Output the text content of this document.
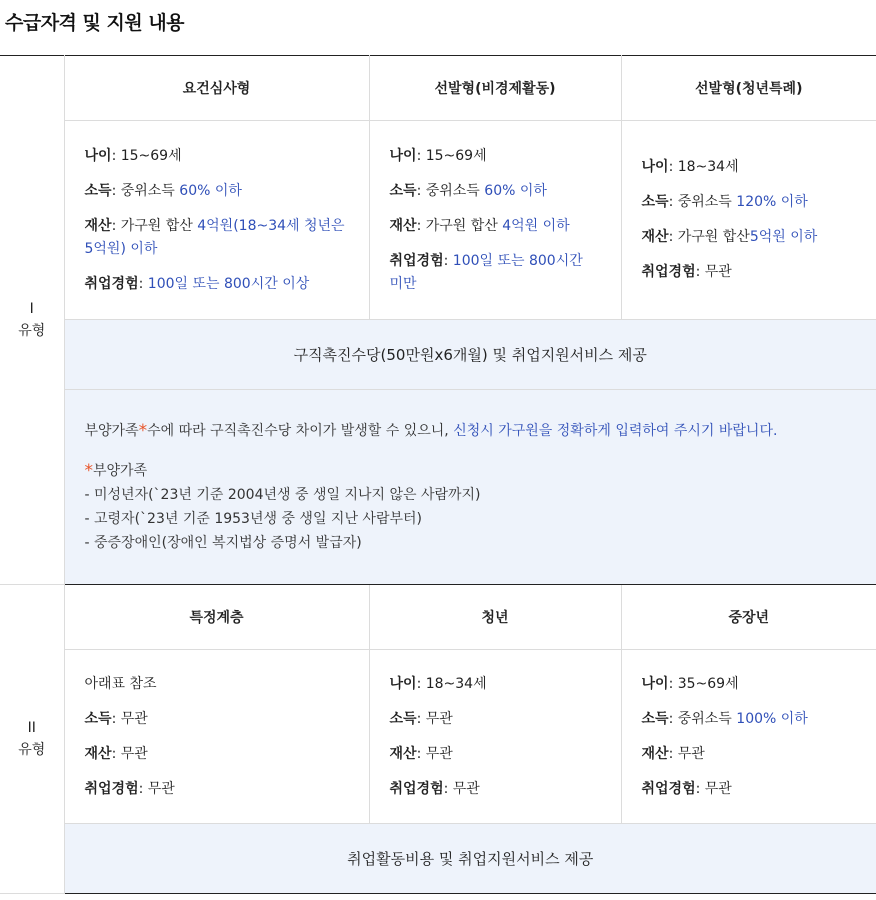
수급자격 및 지원 내용
I
유형	요건심사형	선발형(비경제활동)	선발형(청년특례)

	나이: 15~69세
소득: 중위소득 60% 이하
재산: 가구원 합산 4억원(18~34세 청년은 5억원) 이하
취업경험: 100일 또는 800시간 이상	나이: 15~69세
소득: 중위소득 60% 이하
재산: 가구원 합산 4억원 이하
취업경험: 100일 또는 800시간 미만	나이: 18~34세
소득: 중위소득 120% 이하
재산: 가구원 합산5억원 이하
취업경험: 무관

	구직촉진수당(50만원x6개월) 및 취업지원서비스 제공		

	부양가족*수에 따라 구직촉진수당 차이가 발생할 수 있으니, 신청시 가구원을 정확하게 입력하여 주시기 바랍니다.
*부양가족
- 미성년자(`23년 기준 2004년생 중 생일 지나지 않은 사람까지)
- 고령자(`23년 기준 1953년생 중 생일 지난 사람부터)
- 중증장애인(장애인 복지법상 증명서 발급자)		

II
유형	특정계층	청년	중장년

	아래표 참조
소득: 무관
재산: 무관
취업경험: 무관	나이: 18~34세
소득: 무관
재산: 무관
취업경험: 무관	나이: 35~69세
소득: 중위소득 100% 이하
재산: 무관
취업경험: 무관

	취업활동비용 및 취업지원서비스 제공		
